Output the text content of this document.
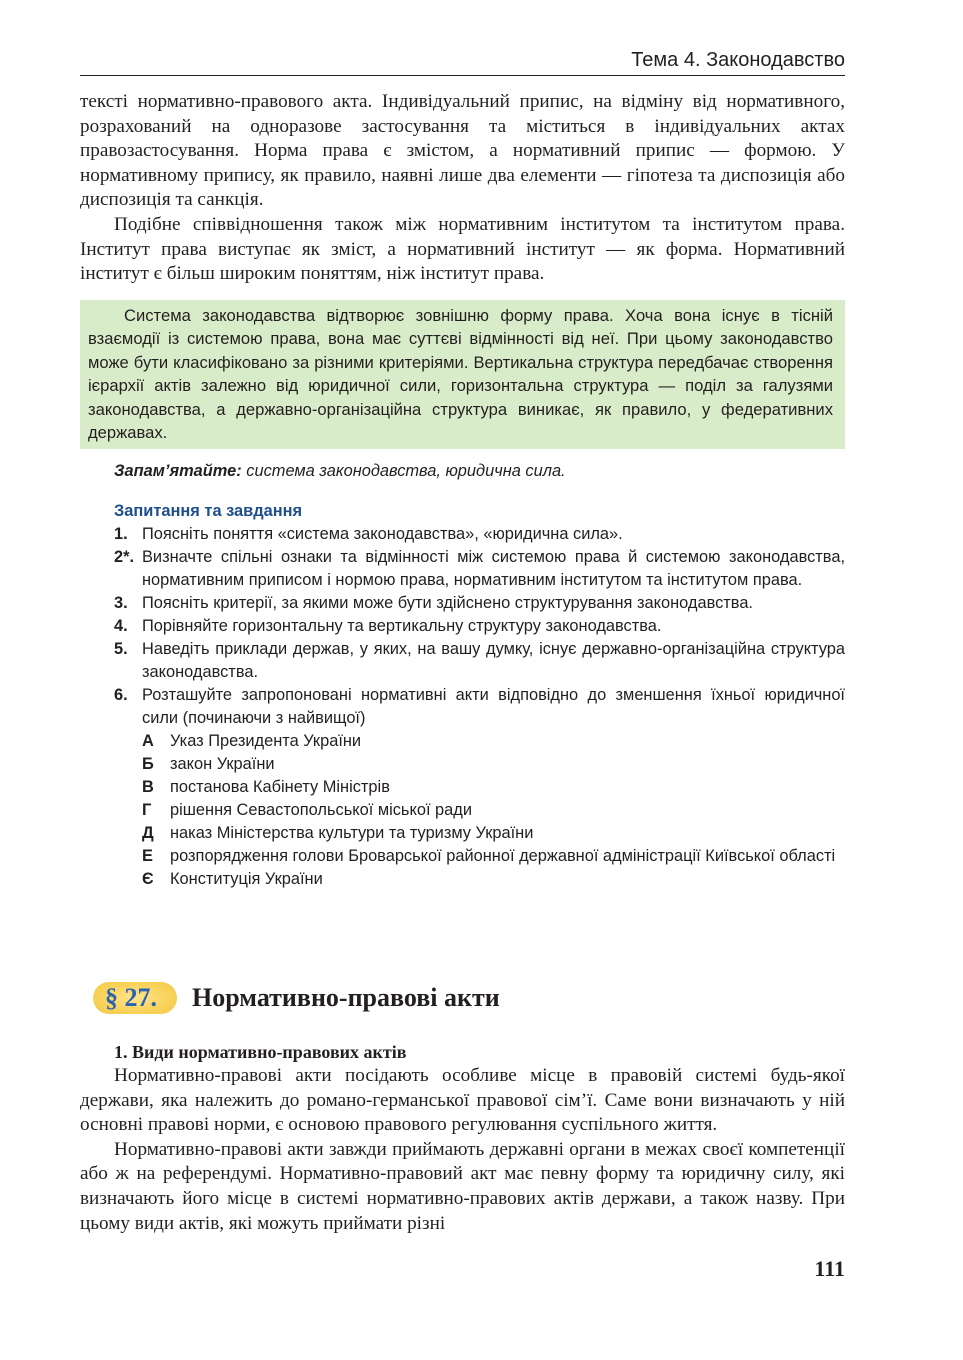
Тема 4. Законодавство

тексті нормативно-правового акта. Індивідуальний припис, на відміну від нормативного, розрахований на одноразове застосування та міститься в індивідуальних актах правозастосування. Норма права є змістом, а нормативний припис — формою. У нормативному припису, як правило, наявні лише два елементи — гіпотеза та диспозиція або диспозиція та санкція.

Подібне співвідношення також між нормативним інститутом та інститутом права. Інститут права виступає як зміст, а нормативний інститут — як форма. Нормативний інститут є більш широким поняттям, ніж інститут права.

Система законодавства відтворює зовнішню форму права. Хоча вона існує в тісній взаємодії із системою права, вона має суттєві відмінності від неї. При цьому законодавство може бути класифіковано за різними критеріями. Вертикальна структура передбачає створення ієрархії актів залежно від юридичної сили, горизонтальна структура — поділ за галузями законодавства, а державно-організаційна структура виникає, як правило, у федеративних державах.

Запам’ятайте: система законодавства, юридична сила.
Запитання та завдання
1. Поясніть поняття «система законодавства», «юридична сила».
2*. Визначте спільні ознаки та відмінності між системою права й системою законодавства, нормативним приписом і нормою права, нормативним інститутом та інститутом права.
3. Поясніть критерії, за якими може бути здійснено структурування законодавства.
4. Порівняйте горизонтальну та вертикальну структуру законодавства.
5. Наведіть приклади держав, у яких, на вашу думку, існує державно-організаційна структура законодавства.
6. Розташуйте запропоновані нормативні акти відповідно до зменшення їхньої юридичної сили (починаючи з найвищої)
А Указ Президента України
Б закон України
В постанова Кабінету Міністрів
Г	рішення Севастопольської міської ради
Д наказ Міністерства культури та туризму України
Е	розпорядження голови Броварської районної державної адміністрації Київської області
Є Конституція України
§ 27. Нормативно-правові акти
1. Види нормативно-правових актів

Нормативно-правові акти посідають особливе місце в правовій системі будь-якої держави, яка належить до романо-германської правової сім’ї. Саме вони визначають у ній основні правові норми, є основою правового регулювання суспільного життя.

Нормативно-правові акти завжди приймають державні органи в межах своєї компетенції або ж на референдумі. Нормативно-правовий акт має певну форму та юридичну силу, які визначають його місце в системі нормативно-правових актів держави, а також назву. При цьому види актів, які можуть приймати різні

111
